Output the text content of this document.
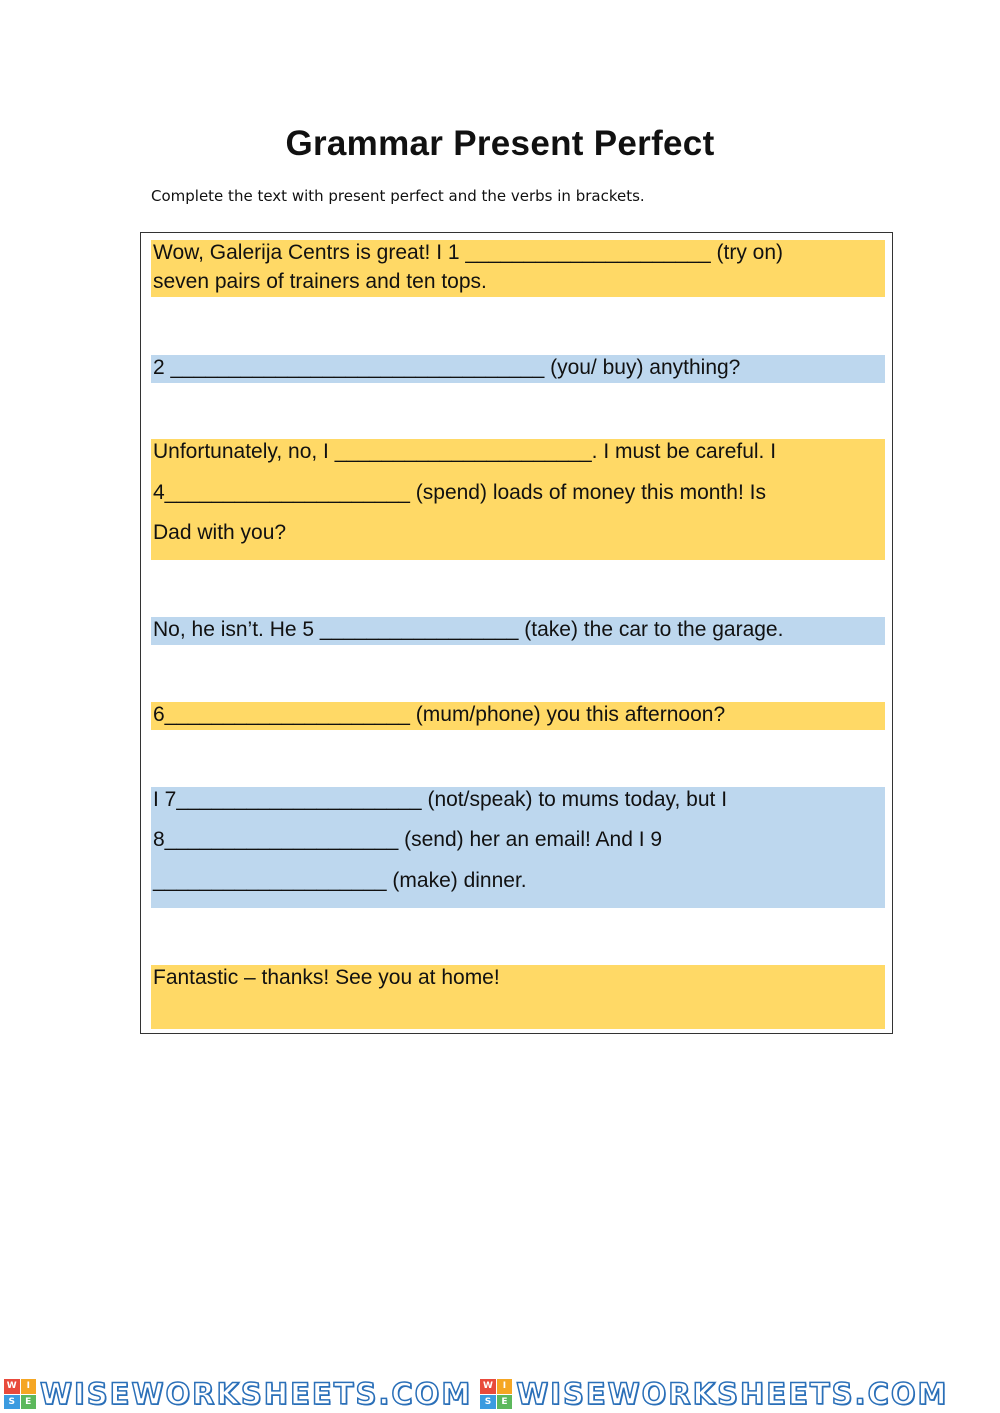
Grammar Present Perfect
Complete the text with present perfect and the verbs in brackets.
Wow, Galerija Centrs is great! I 1 _____________________ (try on)
seven pairs of trainers and ten tops.
2 ________________________________ (you/ buy) anything?
Unfortunately, no, I ______________________. I must be careful. I
4_____________________ (spend) loads of money this month! Is
Dad with you?
No, he isn’t. He 5 _________________ (take) the car to the garage.
6_____________________ (mum/phone) you this afternoon?
I 7_____________________ (not/speak) to mums today, but I
8____________________ (send) her an email! And I 9
____________________ (make) dinner.
Fantastic – thanks! See you at home!
W	I
S	E WISEWORKSHEETS.COM	W	I
S	E WISEWORKSHEETS.COM
